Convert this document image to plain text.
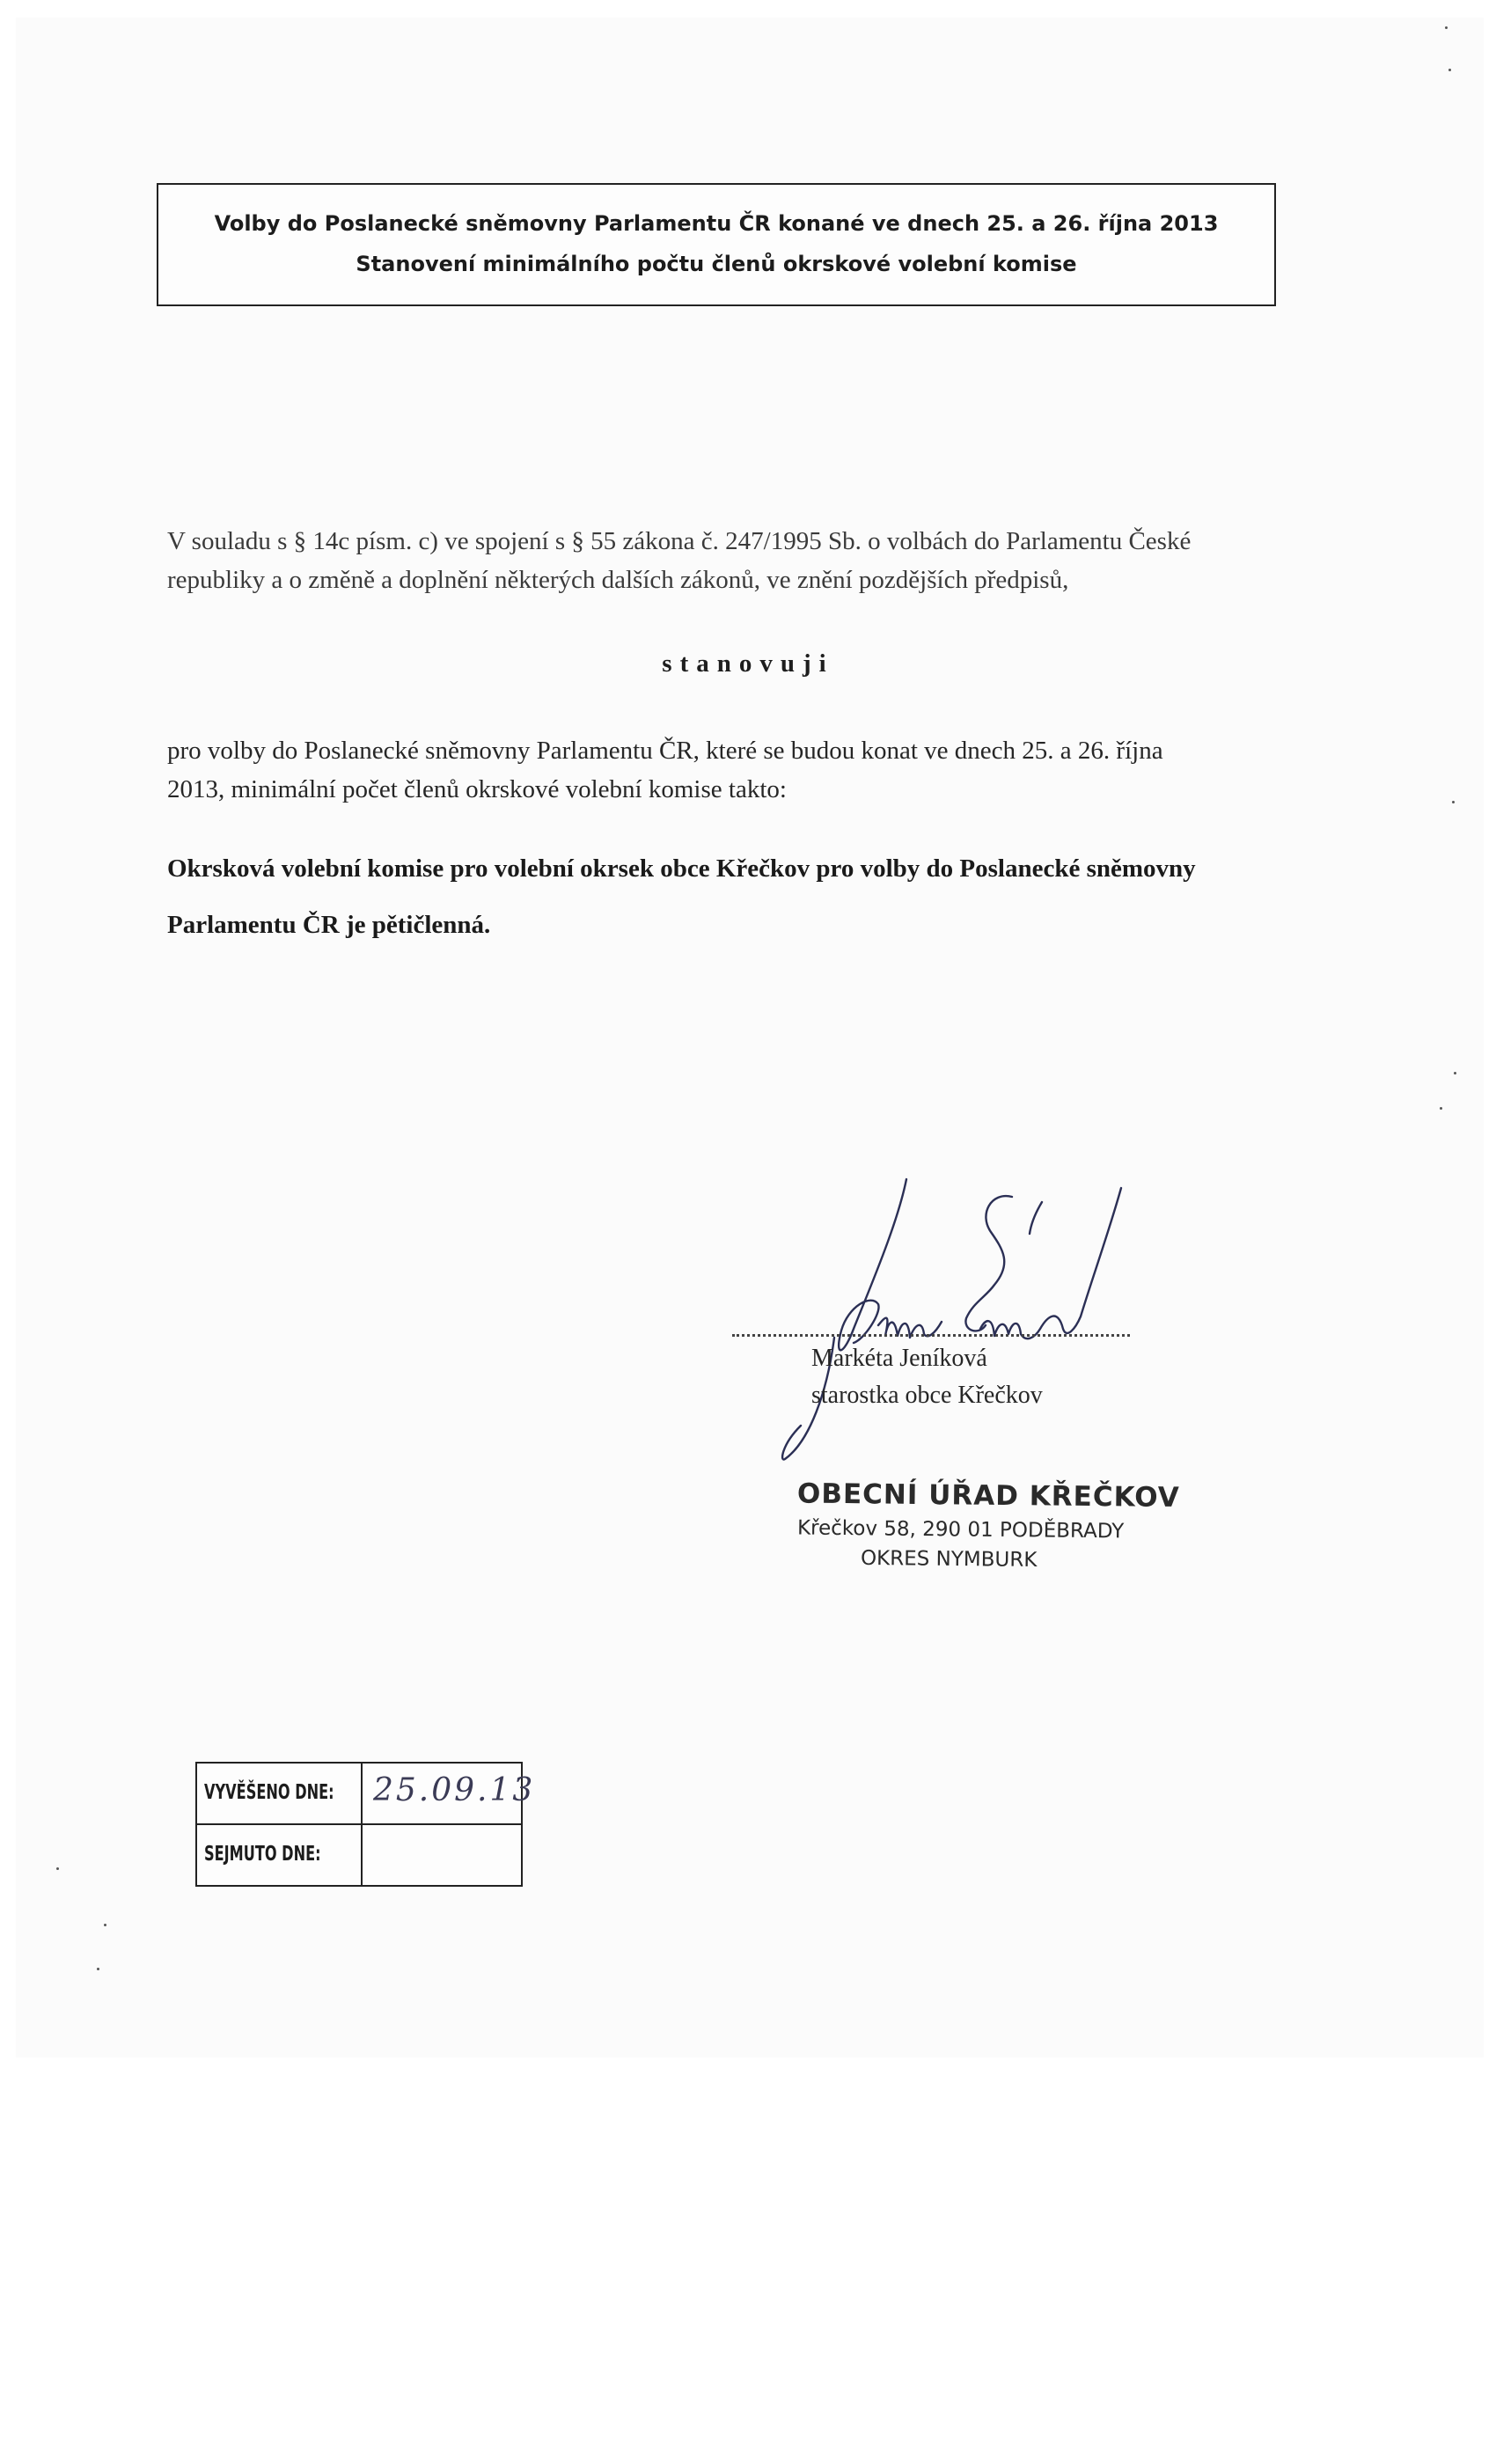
Volby do Poslanecké sněmovny Parlamentu ČR konané ve dnech 25. a 26. října 2013
Stanovení minimálního počtu členů okrskové volební komise
V souladu s § 14c písm. c) ve spojení s § 55 zákona č. 247/1995 Sb. o volbách do Parlamentu České
republiky a o změně a doplnění některých dalších zákonů, ve znění pozdějších předpisů,
stanovuji
pro volby do Poslanecké sněmovny Parlamentu ČR, které se budou konat ve dnech 25. a 26. října
2013, minimální počet členů okrskové volební komise takto:
Okrsková volební komise pro volební okrsek obce Křečkov pro volby do Poslanecké sněmovny
Parlamentu ČR je pětičlenná.
Markéta Jeníková
starostka obce Křečkov
OBECNÍ ÚŘAD KŘEČKOV
Křečkov 58, 290 01 PODĚBRADY
OKRES NYMBURK
VYVĚŠENO DNE: 25.09.13
SEJMUTO DNE:
